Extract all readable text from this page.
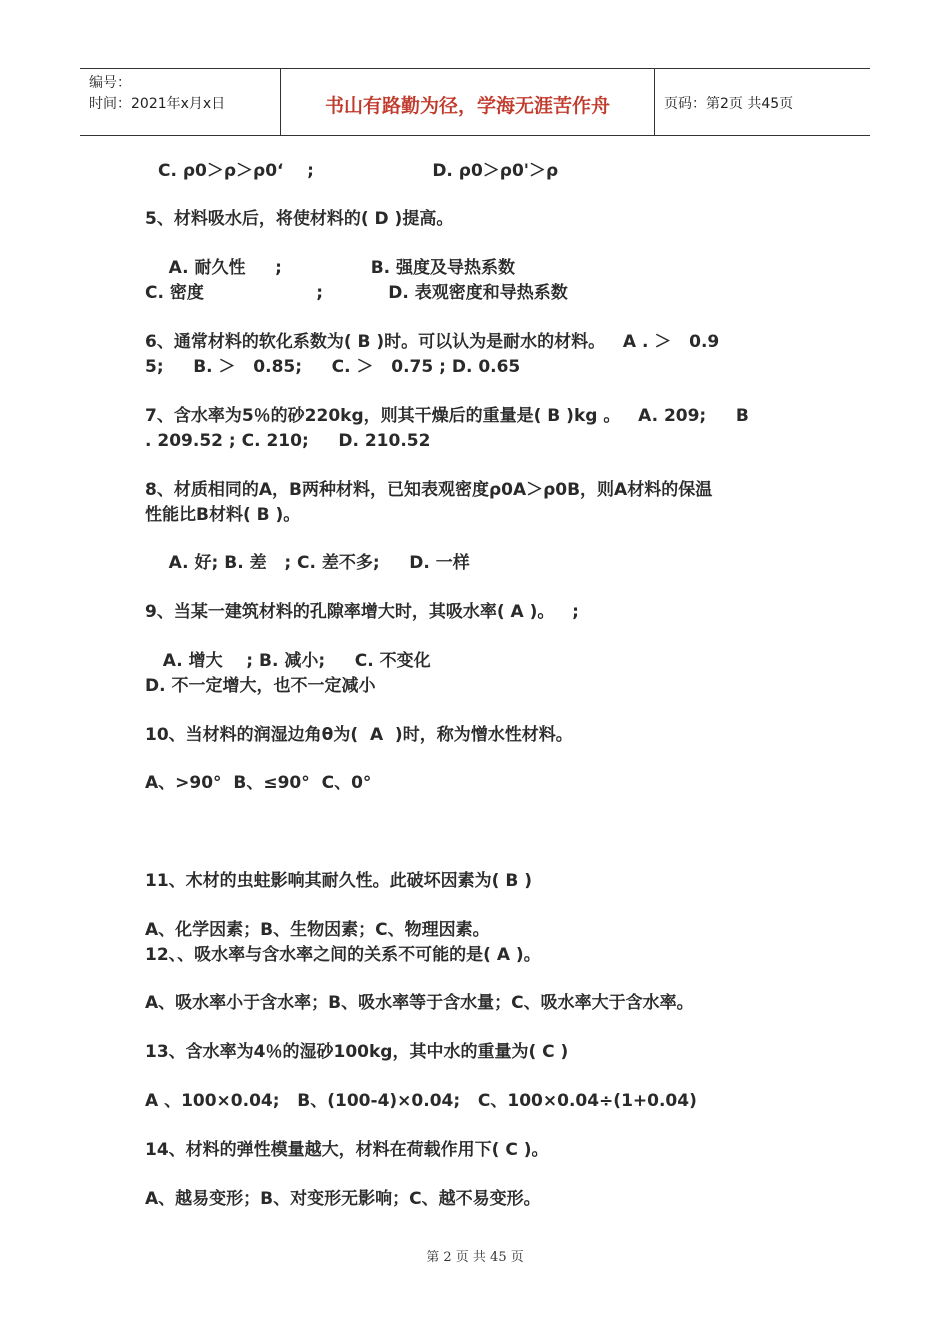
编号：
时间：2021年x月x日	书山有路勤为径，学海无涯苦作舟	页码：第2页 共45页
C. ρ0＞ρ＞ρ0‘    ;                    D. ρ0＞ρ0'＞ρ
5、材料吸水后，将使材料的( D )提高。
A. 耐久性     ;               B. 强度及导热系数
C. 密度                   ;           D. 表观密度和导热系数
6、通常材料的软化系数为( B )时。可以认为是耐水的材料。   A . ＞   0.9
5;     B. ＞   0.85;     C. ＞   0.75 ; D. 0.65
7、含水率为5％的砂220kg，则其干燥后的重量是( B )kg 。   A. 209;     B
. 209.52 ; C. 210;     D. 210.52
8、材质相同的A，B两种材料，已知表观密度ρ0A＞ρ0B，则A材料的保温
性能比B材料( B )。
A. 好; B. 差   ; C. 差不多;     D. 一样
9、当某一建筑材料的孔隙率增大时，其吸水率( A )。   ;
A. 增大    ; B. 减小;     C. 不变化
D. 不一定增大，也不一定减小
10、当材料的润湿边角θ为(  A  )时，称为憎水性材料。
A、>90°  B、≤90°  C、0°
11、木材的虫蛀影响其耐久性。此破坏因素为( B )
A、化学因素；B、生物因素；C、物理因素。
12、、吸水率与含水率之间的关系不可能的是( A )。
A、吸水率小于含水率；B、吸水率等于含水量；C、吸水率大于含水率。
13、含水率为4％的湿砂100kg，其中水的重量为( C )
A 、100×0.04;   B、(100-4)×0.04;   C、100×0.04÷(1+0.04)
14、材料的弹性模量越大，材料在荷载作用下( C )。
A、越易变形；B、对变形无影响；C、越不易变形。
第 2 页 共 45 页
